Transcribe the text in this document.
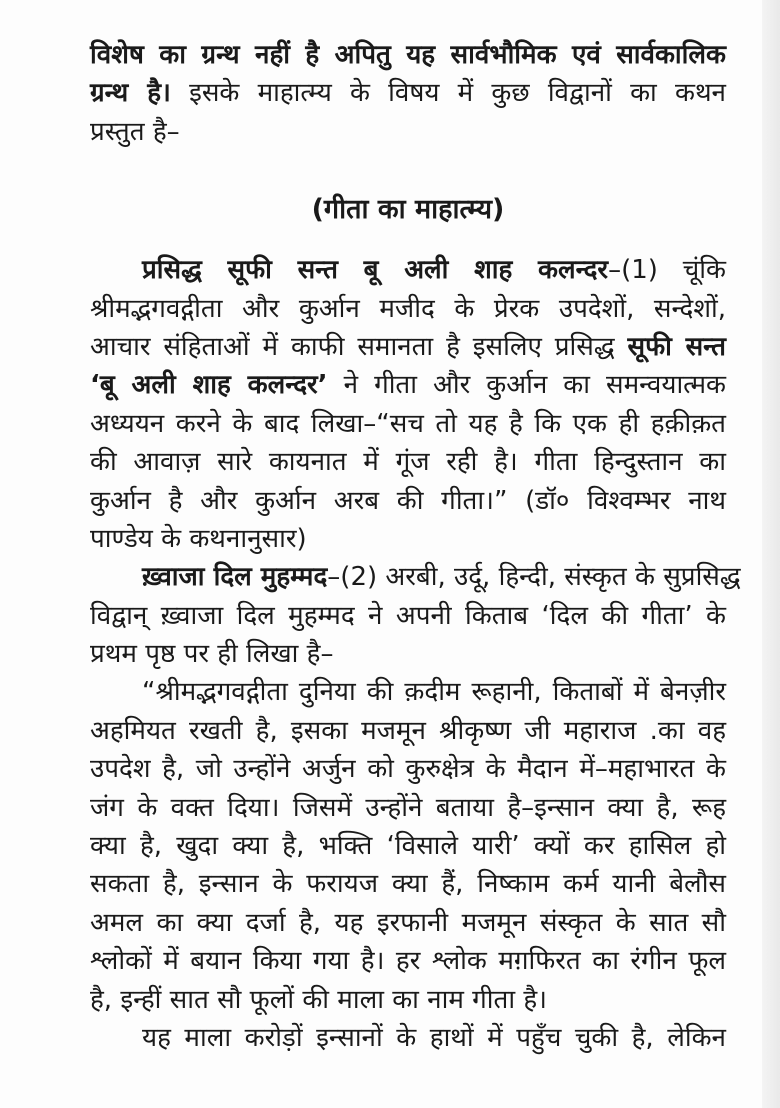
विशेष का ग्रन्थ नहीं है अपितु यह सार्वभौमिक एवं सार्वकालिक
ग्रन्थ है। इसके माहात्म्य के विषय में कुछ विद्वानों का कथन
प्रस्तुत है–
(गीता का माहात्म्य)
प्रसिद्ध सूफी सन्त बू अली शाह कलन्दर–(1) चूंकि
श्रीमद्भगवद्गीता और कुर्आन मजीद के प्रेरक उपदेशों, सन्देशों,
आचार संहिताओं में काफी समानता है इसलिए प्रसिद्ध सूफी सन्त
‘बू अली शाह कलन्दर’ ने गीता और कुर्आन का समन्वयात्मक
अध्ययन करने के बाद लिखा–“सच तो यह है कि एक ही हक़ीक़त
की आवाज़ सारे कायनात में गूंज रही है। गीता हिन्दुस्तान का
कुर्आन है और कुर्आन अरब की गीता।” (डॉ० विश्वम्भर नाथ
पाण्डेय के कथनानुसार)
ख़्वाजा दिल मुहम्मद–(2) अरबी, उर्दू, हिन्दी, संस्कृत के सुप्रसिद्ध
विद्वान् ख़्वाजा दिल मुहम्मद ने अपनी किताब ‘दिल की गीता’ के
प्रथम पृष्ठ पर ही लिखा है–
“श्रीमद्भगवद्गीता दुनिया की क़दीम रूहानी, किताबों में बेनज़ीर
अहमियत रखती है, इसका मजमून श्रीकृष्ण जी महाराज .का वह
उपदेश है, जो उन्होंने अर्जुन को कुरुक्षेत्र के मैदान में–महाभारत के
जंग के वक्त दिया। जिसमें उन्होंने बताया है–इन्सान क्या है, रूह
क्या है, खुदा क्या है, भक्ति ‘विसाले यारी’ क्यों कर हासिल हो
सकता है, इन्सान के फरायज क्या हैं, निष्काम कर्म यानी बेलौस
अमल का क्या दर्जा है, यह इरफानी मजमून संस्कृत के सात सौ
श्लोकों में बयान किया गया है। हर श्लोक मग़फिरत का रंगीन फूल
है, इन्हीं सात सौ फूलों की माला का नाम गीता है।
यह माला करोड़ों इन्सानों के हाथों में पहुँच चुकी है, लेकिन
